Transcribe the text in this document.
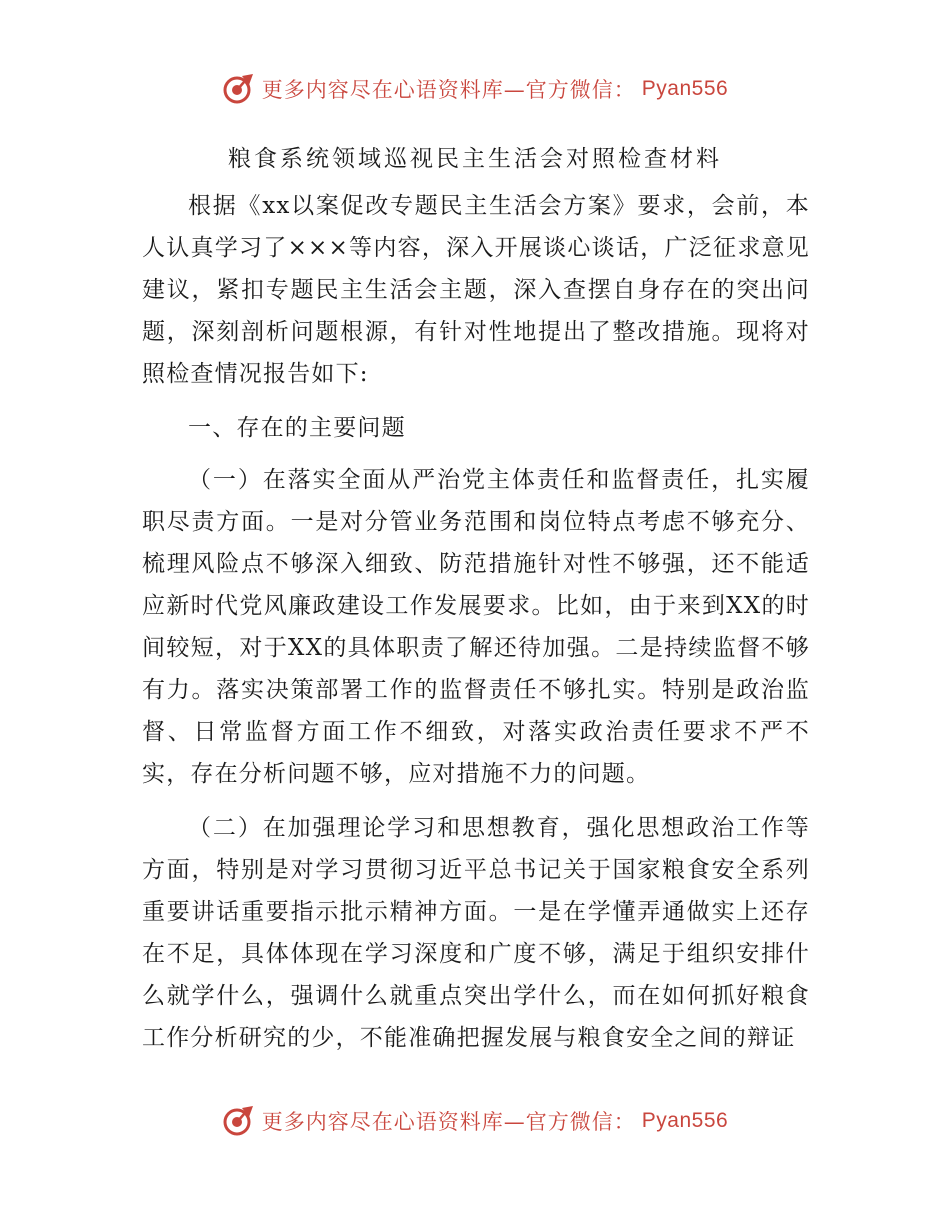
更多内容尽在心语资料库—官方微信： Pyan556
粮食系统领域巡视民主生活会对照检查材料

根据《xx以案促改专题民主生活会方案》要求，会前，本人认真学习了×××等内容，深入开展谈心谈话，广泛征求意见建议，紧扣专题民主生活会主题，深入查摆自身存在的突出问题，深刻剖析问题根源，有针对性地提出了整改措施。现将对照检查情况报告如下:

一、存在的主要问题

（一）在落实全面从严治党主体责任和监督责任，扎实履职尽责方面。一是对分管业务范围和岗位特点考虑不够充分、梳理风险点不够深入细致、防范措施针对性不够强，还不能适应新时代党风廉政建设工作发展要求。比如，由于来到XX的时间较短，对于XX的具体职责了解还待加强。二是持续监督不够有力。落实决策部署工作的监督责任不够扎实。特别是政治监督、日常监督方面工作不细致，对落实政治责任要求不严不实，存在分析问题不够，应对措施不力的问题。

（二）在加强理论学习和思想教育，强化思想政治工作等方面，特别是对学习贯彻习近平总书记关于国家粮食安全系列重要讲话重要指示批示精神方面。一是在学懂弄通做实上还存在不足，具体体现在学习深度和广度不够，满足于组织安排什么就学什么，强调什么就重点突出学什么，而在如何抓好粮食工作分析研究的少，不能准确把握发展与粮食安全之间的辩证

更多内容尽在心语资料库—官方微信： Pyan556
